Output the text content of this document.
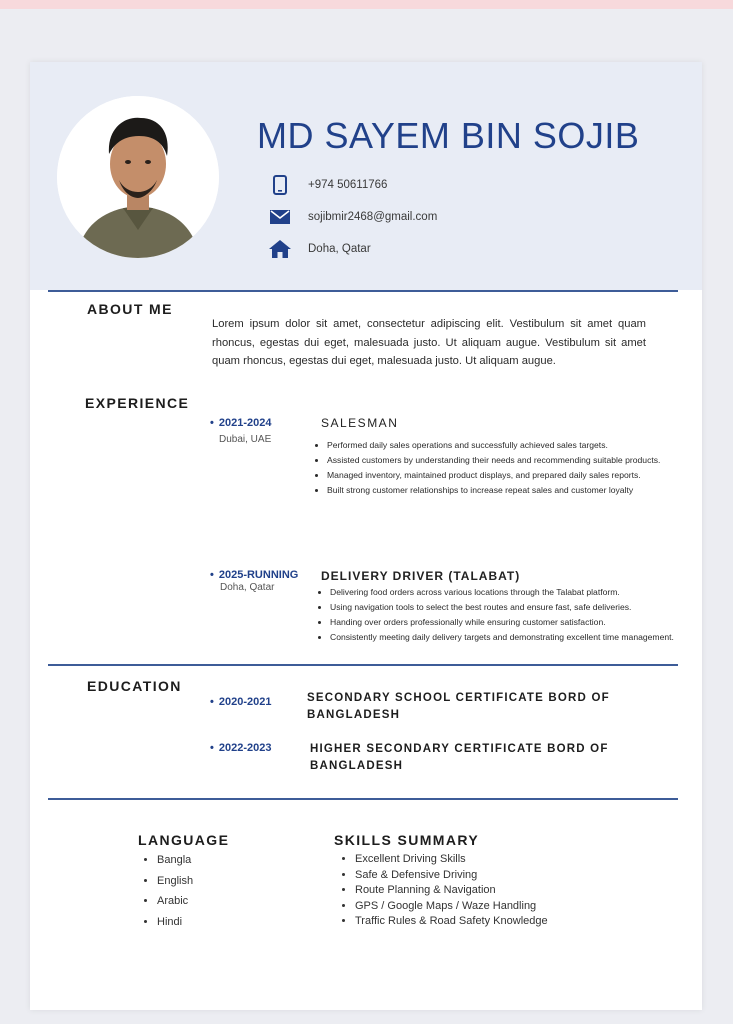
MD SAYEM BIN SOJIB
+974 50611766
sojibmir2468@gmail.com
Doha, Qatar
ABOUT ME

Lorem ipsum dolor sit amet, consectetur adipiscing elit. Vestibulum sit amet quam rhoncus, egestas dui eget, malesuada justo. Ut aliquam augue. Vestibulum sit amet quam rhoncus, egestas dui eget, malesuada justo. Ut aliquam augue.

EXPERIENCE
• 2021-2024
Dubai, UAE
SALESMAN
• Performed daily sales operations and successfully achieved sales targets.
• Assisted customers by understanding their needs and recommending suitable products.
• Managed inventory, maintained product displays, and prepared daily sales reports.
• Built strong customer relationships to increase repeat sales and customer loyalty
• 2025-RUNNING
Doha, Qatar
DELIVERY DRIVER (TALABAT)
• Delivering food orders across various locations through the Talabat platform.
• Using navigation tools to select the best routes and ensure fast, safe deliveries.
• Handing over orders professionally while ensuring customer satisfaction.
• Consistently meeting daily delivery targets and demonstrating excellent time management.
EDUCATION
• 2020-2021	SECONDARY SCHOOL CERTIFICATE BORD OF BANGLADESH
• 2022-2023	HIGHER SECONDARY CERTIFICATE BORD OF BANGLADESH
LANGUAGE
• Bangla
• English
• Arabic
• Hindi
SKILLS SUMMARY
• Excellent Driving Skills
• Safe & Defensive Driving
• Route Planning & Navigation
• GPS / Google Maps / Waze Handling
• Traffic Rules & Road Safety Knowledge
